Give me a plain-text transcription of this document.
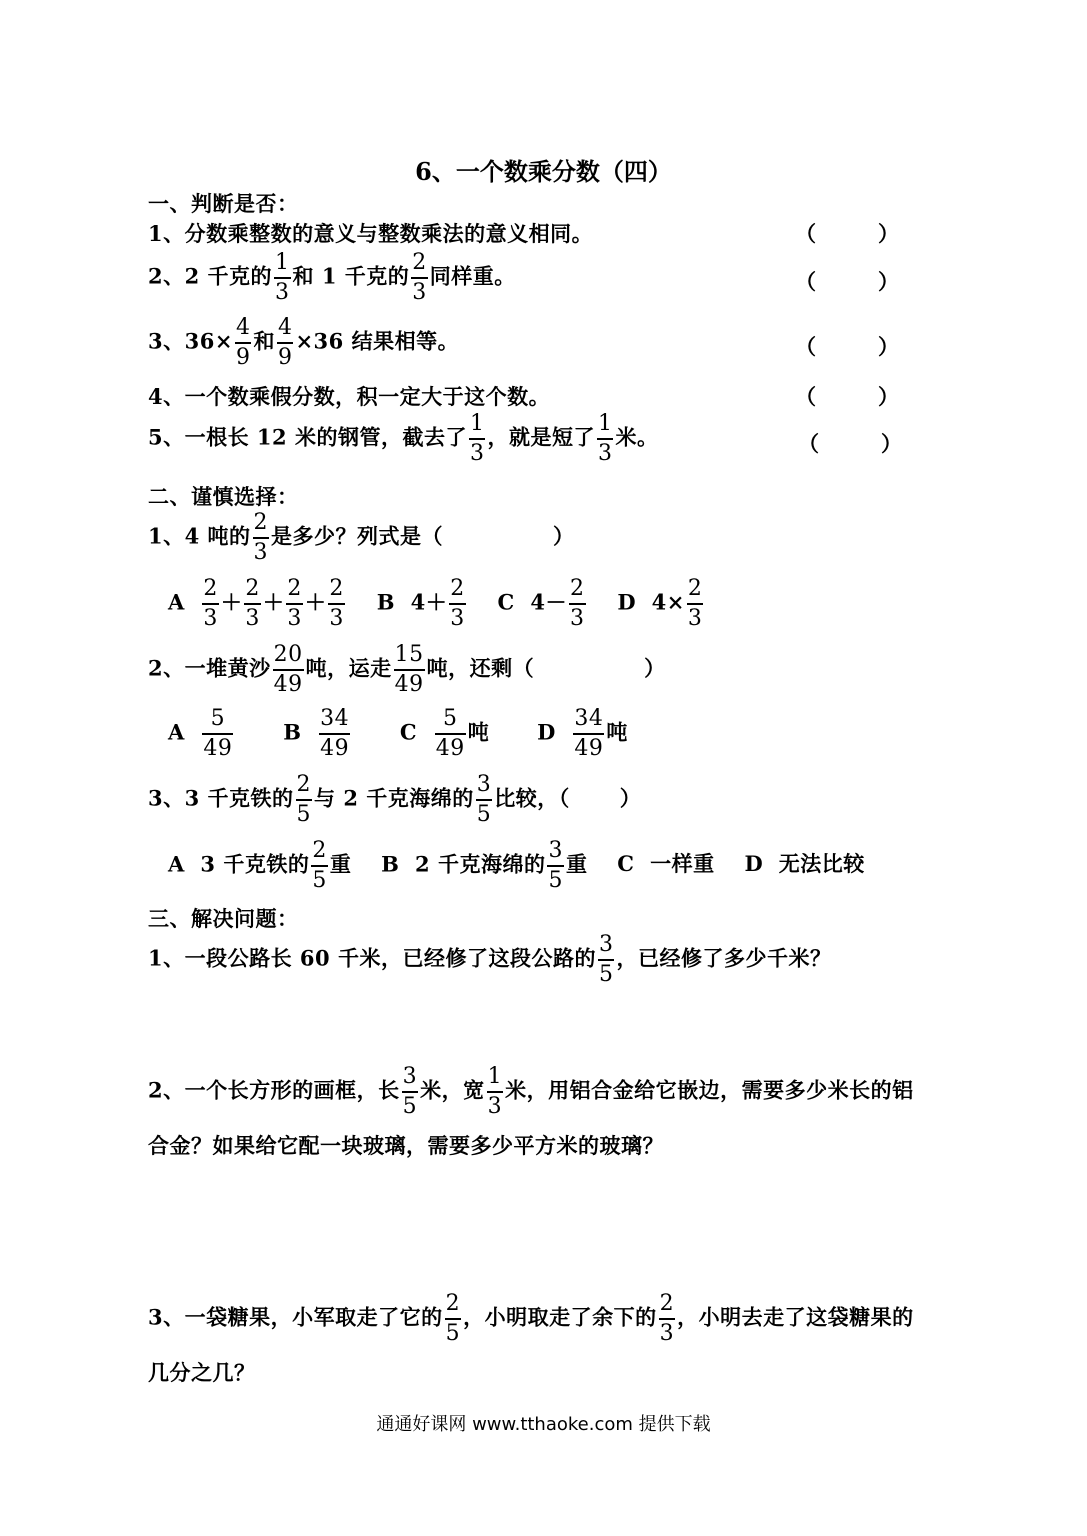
6、一个数乘分数（四）
一、判断是否：
1、分数乘整数的意义与整数乘法的意义相同。	（	）
2、2 千克的 $\frac{1}{3}$ 和 1 千克的 $\frac{2}{3}$ 同样重。	（	）
3、$36\times \frac{4}{9}$ 和 $\frac{4}{9} \times 36$ 结果相等。	（	）
4、一个数乘假分数，积一定大于这个数。	（	）
5、一根长 12 米的钢管，截去了 $\frac{1}{3}$ ，就是短了 $\frac{1}{3}$ 米。	（	）
二、谨慎选择：
1、4 吨的 $\frac{2}{3}$ 是多少？列式是（	）
A $\frac{2}{3} + \frac{2}{3} + \frac{2}{3} + \frac{2}{3}$ B $4+ \frac{2}{3}$ C $4- \frac{2}{3}$ D $4\times \frac{2}{3}$
2、一堆黄沙 $\frac{20}{49}$ 吨，运走 $\frac{15}{49}$ 吨，还剩（	）
A $\frac{5}{49}$ B $\frac{34}{49}$ C $\frac{5}{49}$ 吨 D $\frac{34}{49}$ 吨
3、3 千克铁的 $\frac{2}{5}$ 与 2 千克海绵的 $\frac{3}{5}$ 比较，（ ）
A 3 千克铁的 $\frac{2}{5}$ 重 B 2 千克海绵的 $\frac{3}{5}$ 重 C 一样重 D 无法比较
三、解决问题：
1、一段公路长 60 千米，已经修了这段公路的 $\frac{3}{5}$ ，已经修了多少千米？
2、一个长方形的画框，长 $\frac{3}{5}$ 米，宽 $\frac{1}{3}$ 米，用铝合金给它嵌边，需要多少米长的铝
合金？如果给它配一块玻璃，需要多少平方米的玻璃？
3、一袋糖果，小军取走了它的 $\frac{2}{5}$ ，小明取走了余下的 $\frac{2}{3}$ ，小明去走了这袋糖果的
几分之几？
通通好课网 www.tthaoke.com 提供下载
